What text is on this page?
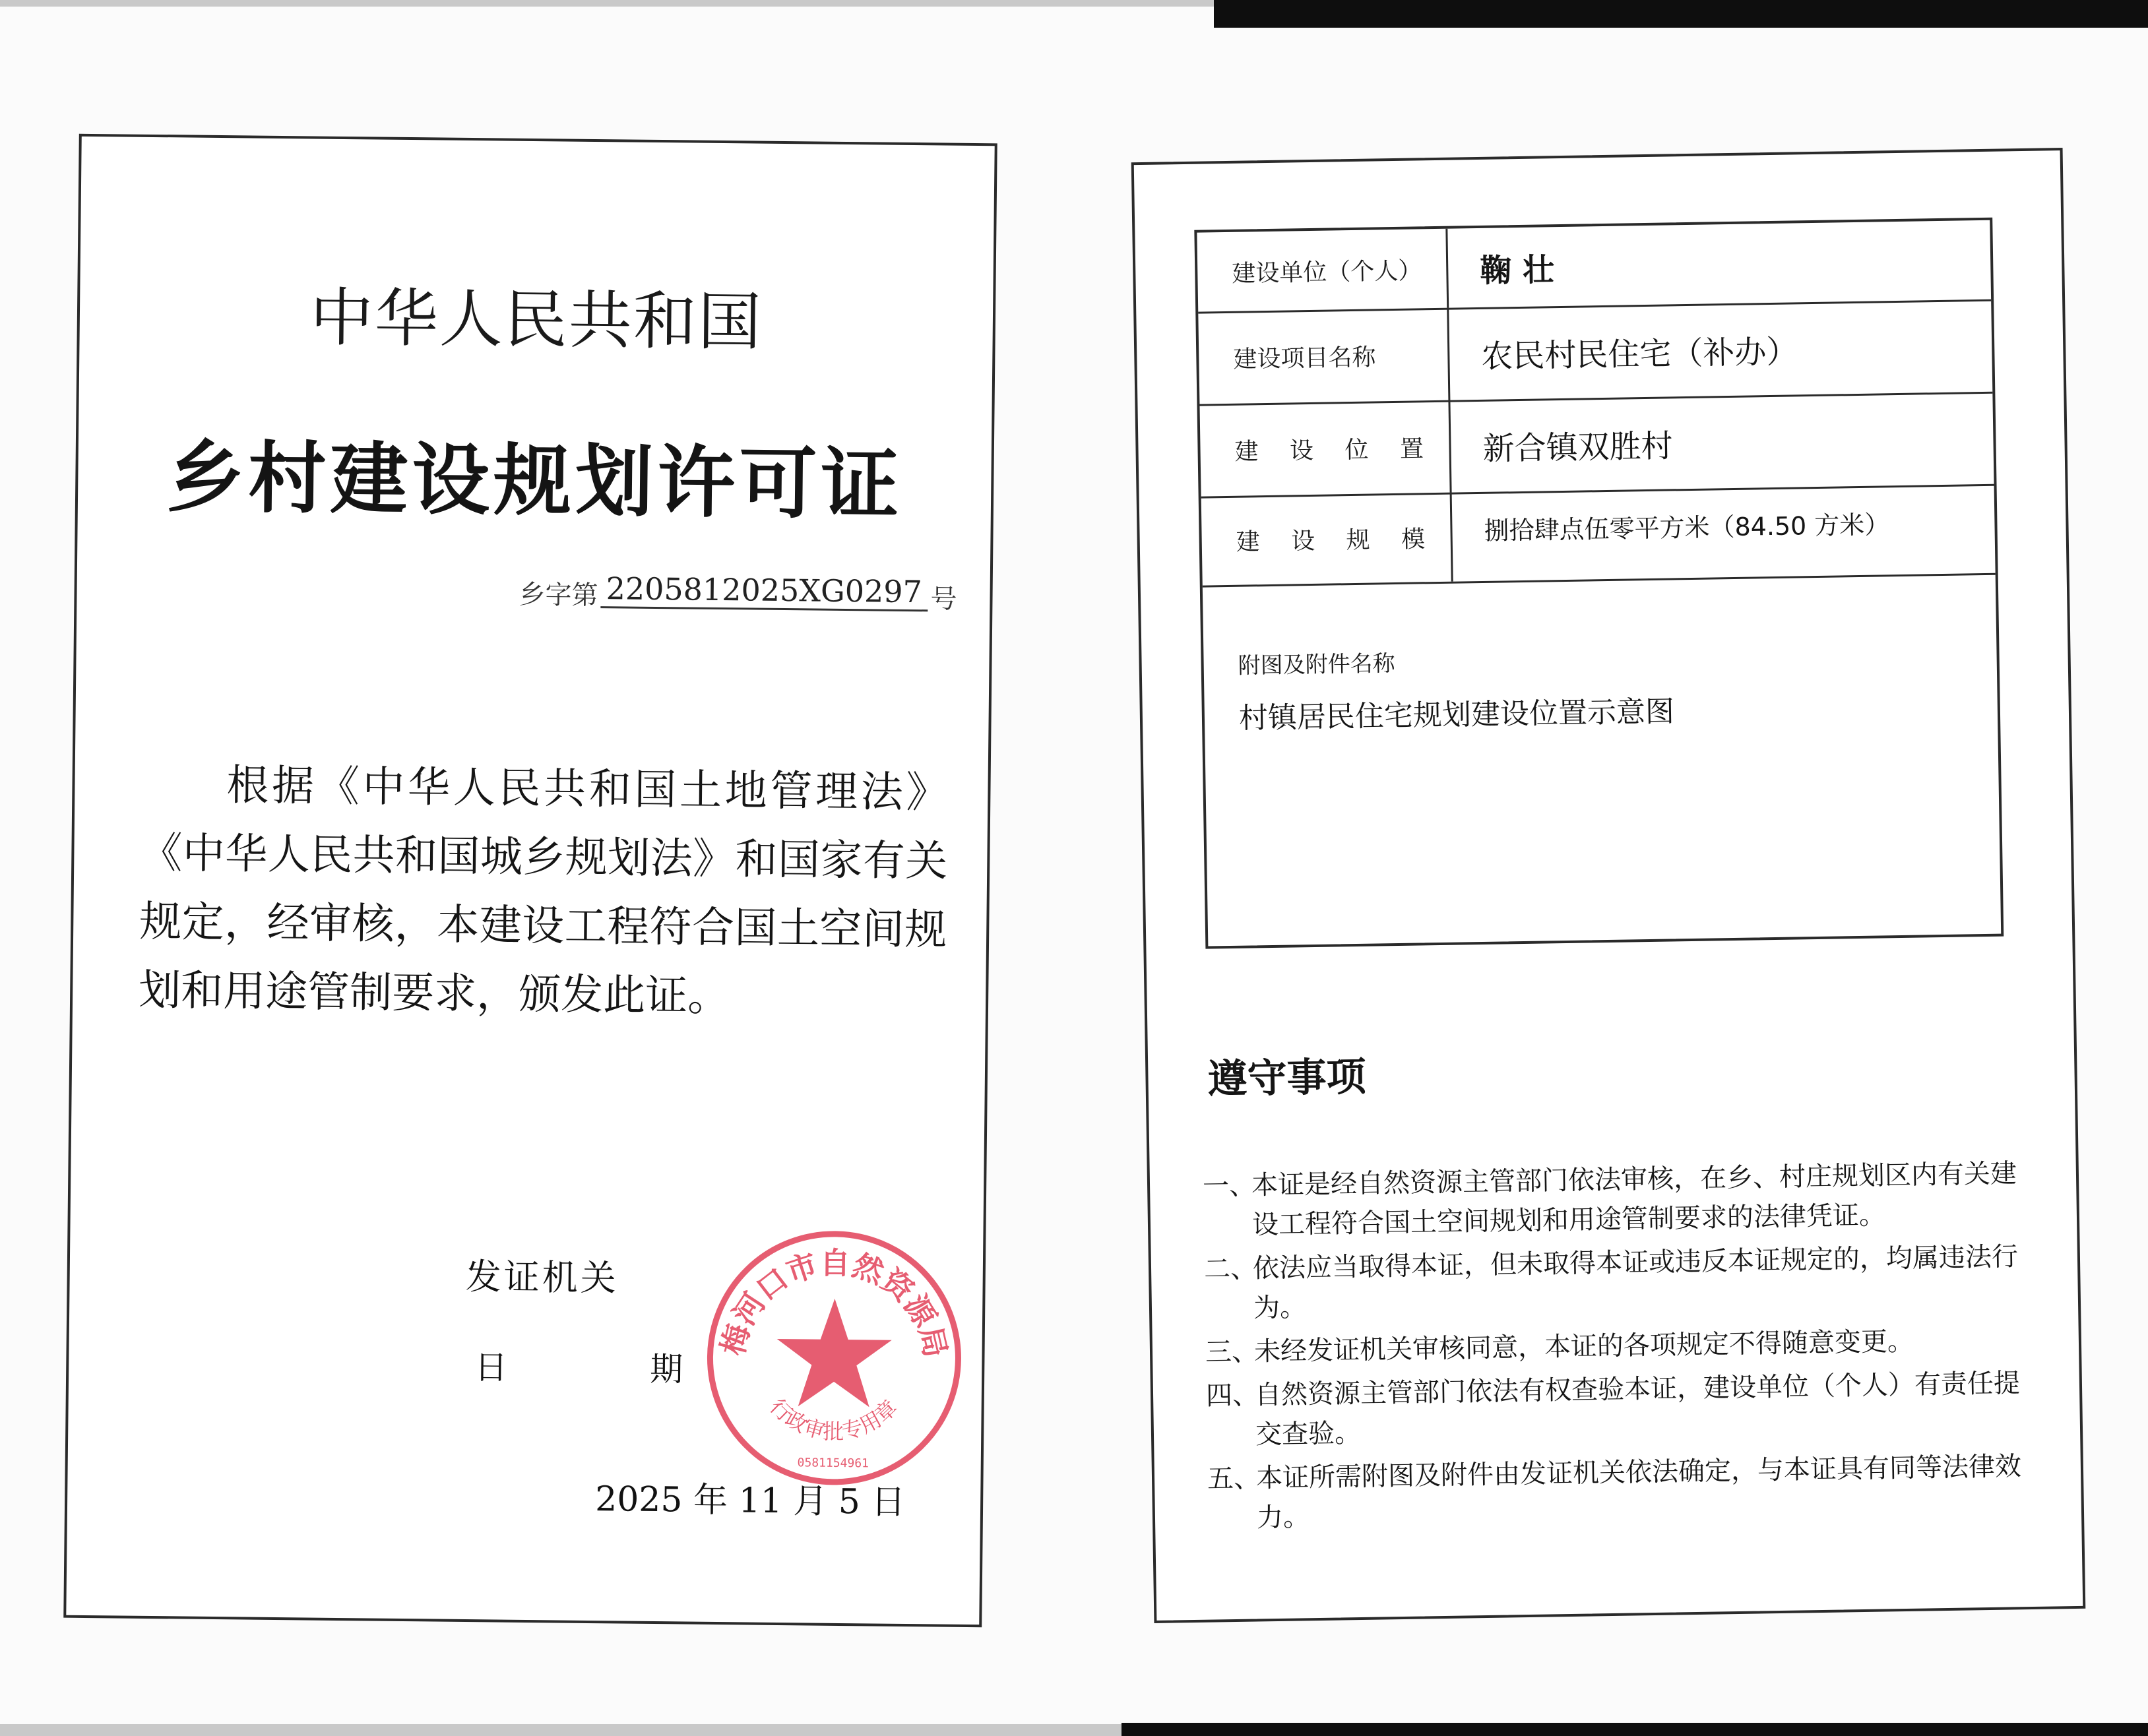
中华人民共和国
乡村建设规划许可证
乡字第 2205812025XG0297 号
根据《中华人民共和国土地管理法》《中华人民共和国城乡规划法》和国家有关规定，经审核，本建设工程符合国土空间规划和用途管制要求，颁发此证。
发证机关
日 期
2025 年 11 月 5 日
梅河口市自然资源局
行政审批专用章
0581154961
建设单位（个人）	鞠 壮
建设项目名称	农民村民住宅（补办）
建 设 位 置	新合镇双胜村
建 设 规 模	捌拾肆点伍零平方米（84.50 方米）
附图及附件名称
村镇居民住宅规划建设位置示意图
遵守事项
一、
本证是经自然资源主管部门依法审核，在乡、村庄规划区内有关建设工程符合国土空间规划和用途管制要求的法律凭证。
二、
依法应当取得本证，但未取得本证或违反本证规定的，均属违法行为。
三、
未经发证机关审核同意，本证的各项规定不得随意变更。
四、
自然资源主管部门依法有权查验本证，建设单位（个人）有责任提交查验。
五、
本证所需附图及附件由发证机关依法确定，与本证具有同等法律效力。
